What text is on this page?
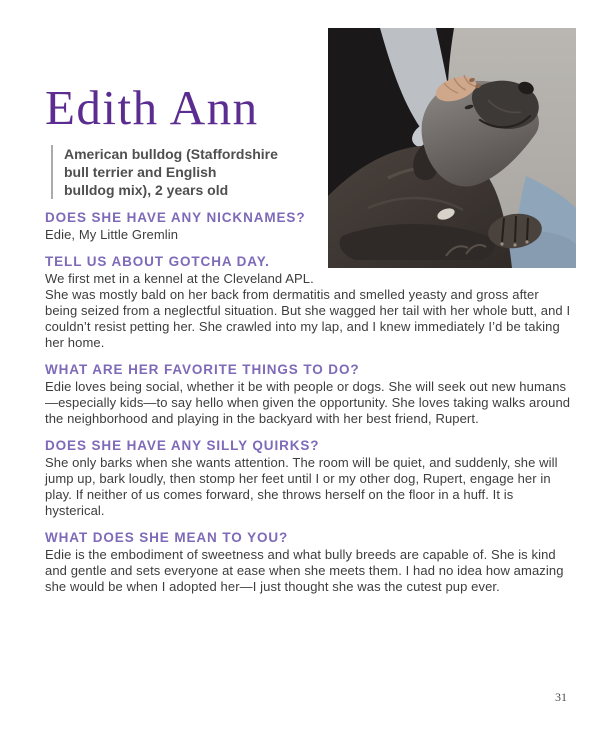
Edith Ann
American bulldog (Staffordshire
bull terrier and English
bulldog mix), 2 years old
DOES SHE HAVE ANY NICKNAMES?

Edie, My Little Gremlin

TELL US ABOUT GOTCHA DAY.

We first met in a kennel at the Cleveland APL.

She was mostly bald on her back from dermatitis and smelled yeasty and gross after being seized from a neglectful situation. But she wagged her tail with her whole butt, and I couldn’t resist petting her. She crawled into my lap, and I knew immediately I’d be taking her home.

WHAT ARE HER FAVORITE THINGS TO DO?

Edie loves being social, whether it be with people or dogs. She will seek out new humans—especially kids—to say hello when given the opportunity. She loves taking walks around the neighborhood and playing in the backyard with her best friend, Rupert.

DOES SHE HAVE ANY SILLY QUIRKS?

She only barks when she wants attention. The room will be quiet, and suddenly, she will jump up, bark loudly, then stomp her feet until I or my other dog, Rupert, engage her in play. If neither of us comes forward, she throws herself on the floor in a huff. It is hysterical.

WHAT DOES SHE MEAN TO YOU?

Edie is the embodiment of sweetness and what bully breeds are capable of. She is kind and gentle and sets everyone at ease when she meets them. I had no idea how amazing she would be when I adopted her—I just thought she was the cutest pup ever.

31
